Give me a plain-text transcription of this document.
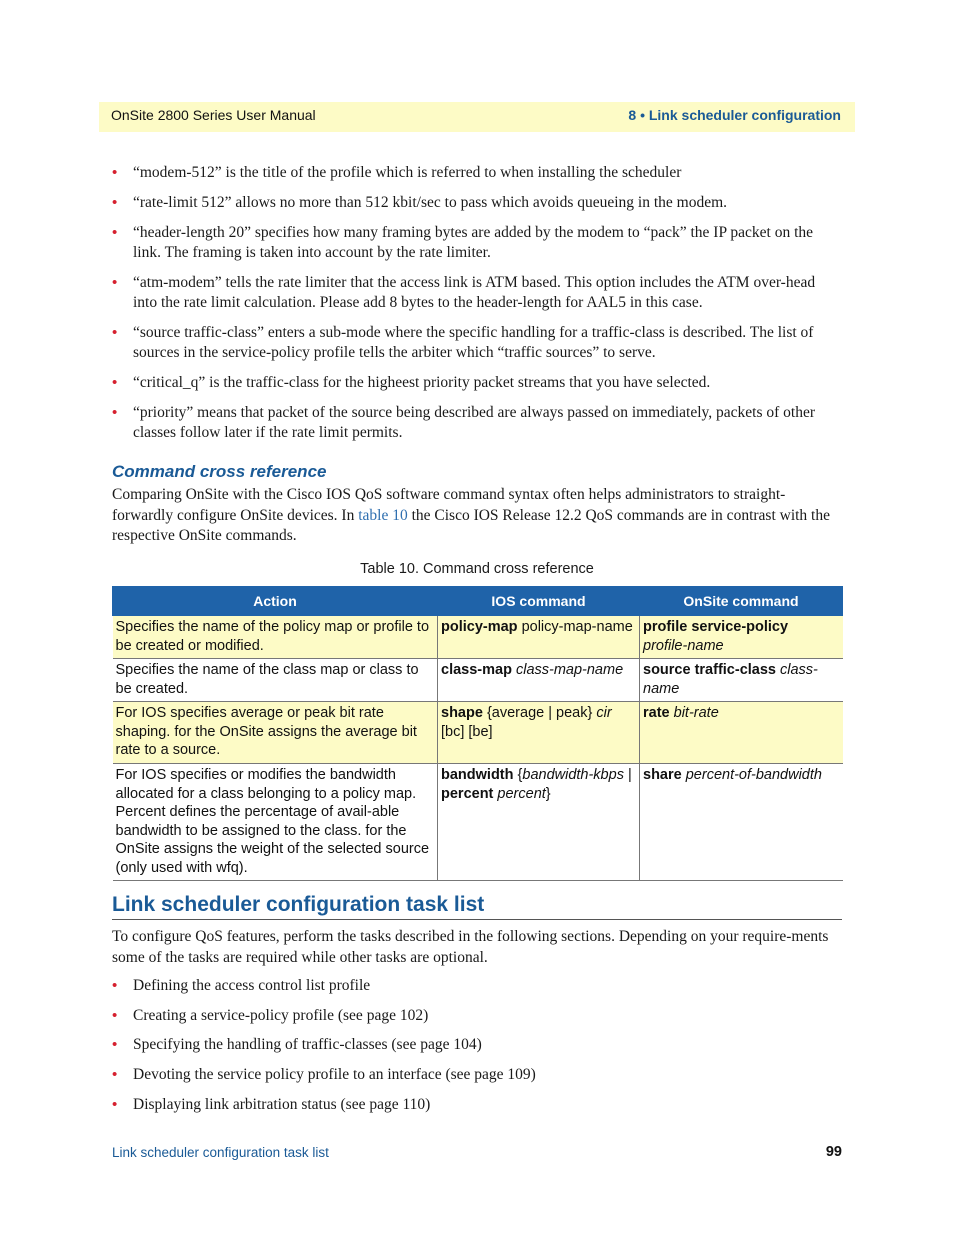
OnSite 2800 Series User Manual	8 • Link scheduler configuration
• “modem-512” is the title of the profile which is referred to when installing the scheduler
• “rate-limit 512” allows no more than 512 kbit/sec to pass which avoids queueing in the modem.
• “header-length 20” specifies how many framing bytes are added by the modem to “pack” the IP packet on the link. The framing is taken into account by the rate limiter.
• “atm-modem” tells the rate limiter that the access link is ATM based. This option includes the ATM over-head into the rate limit calculation. Please add 8 bytes to the header-length for AAL5 in this case.
• “source traffic-class” enters a sub-mode where the specific handling for a traffic-class is described. The list of sources in the service-policy profile tells the arbiter which “traffic sources” to serve.
• “critical_q” is the traffic-class for the higheest priority packet streams that you have selected.
• “priority” means that packet of the source being described are always passed on immediately, packets of other classes follow later if the rate limit permits.
Command cross reference

Comparing OnSite with the Cisco IOS QoS software command syntax often helps administrators to straight-forwardly configure OnSite devices. In table 10 the Cisco IOS Release 12.2 QoS commands are in contrast with the respective OnSite commands.

Table 10. Command cross reference
Action	IOS command	OnSite command
Specifies the name of the policy map or profile to be created or modified.	policy-map policy-map-name	profile service-policy
profile-name
Specifies the name of the class map or class to be created.	class-map class-map-name	source traffic-class class-name
For IOS specifies average or peak bit rate shaping. for the OnSite assigns the average bit rate to a source.	shape {average | peak} cir [bc] [be]	rate bit-rate
For IOS specifies or modifies the bandwidth allocated for a class belonging to a policy map. Percent defines the percentage of avail-able bandwidth to be assigned to the class. for the OnSite assigns the weight of the selected source (only used with wfq).	bandwidth {bandwidth-kbps | percent percent}	share percent-of-bandwidth
Link scheduler configuration task list

To configure QoS features, perform the tasks described in the following sections. Depending on your require-ments some of the tasks are required while other tasks are optional.

• Defining the access control list profile
• Creating a service-policy profile (see page 102)
• Specifying the handling of traffic-classes (see page 104)
• Devoting the service policy profile to an interface (see page 109)
• Displaying link arbitration status (see page 110)
Link scheduler configuration task list	99
